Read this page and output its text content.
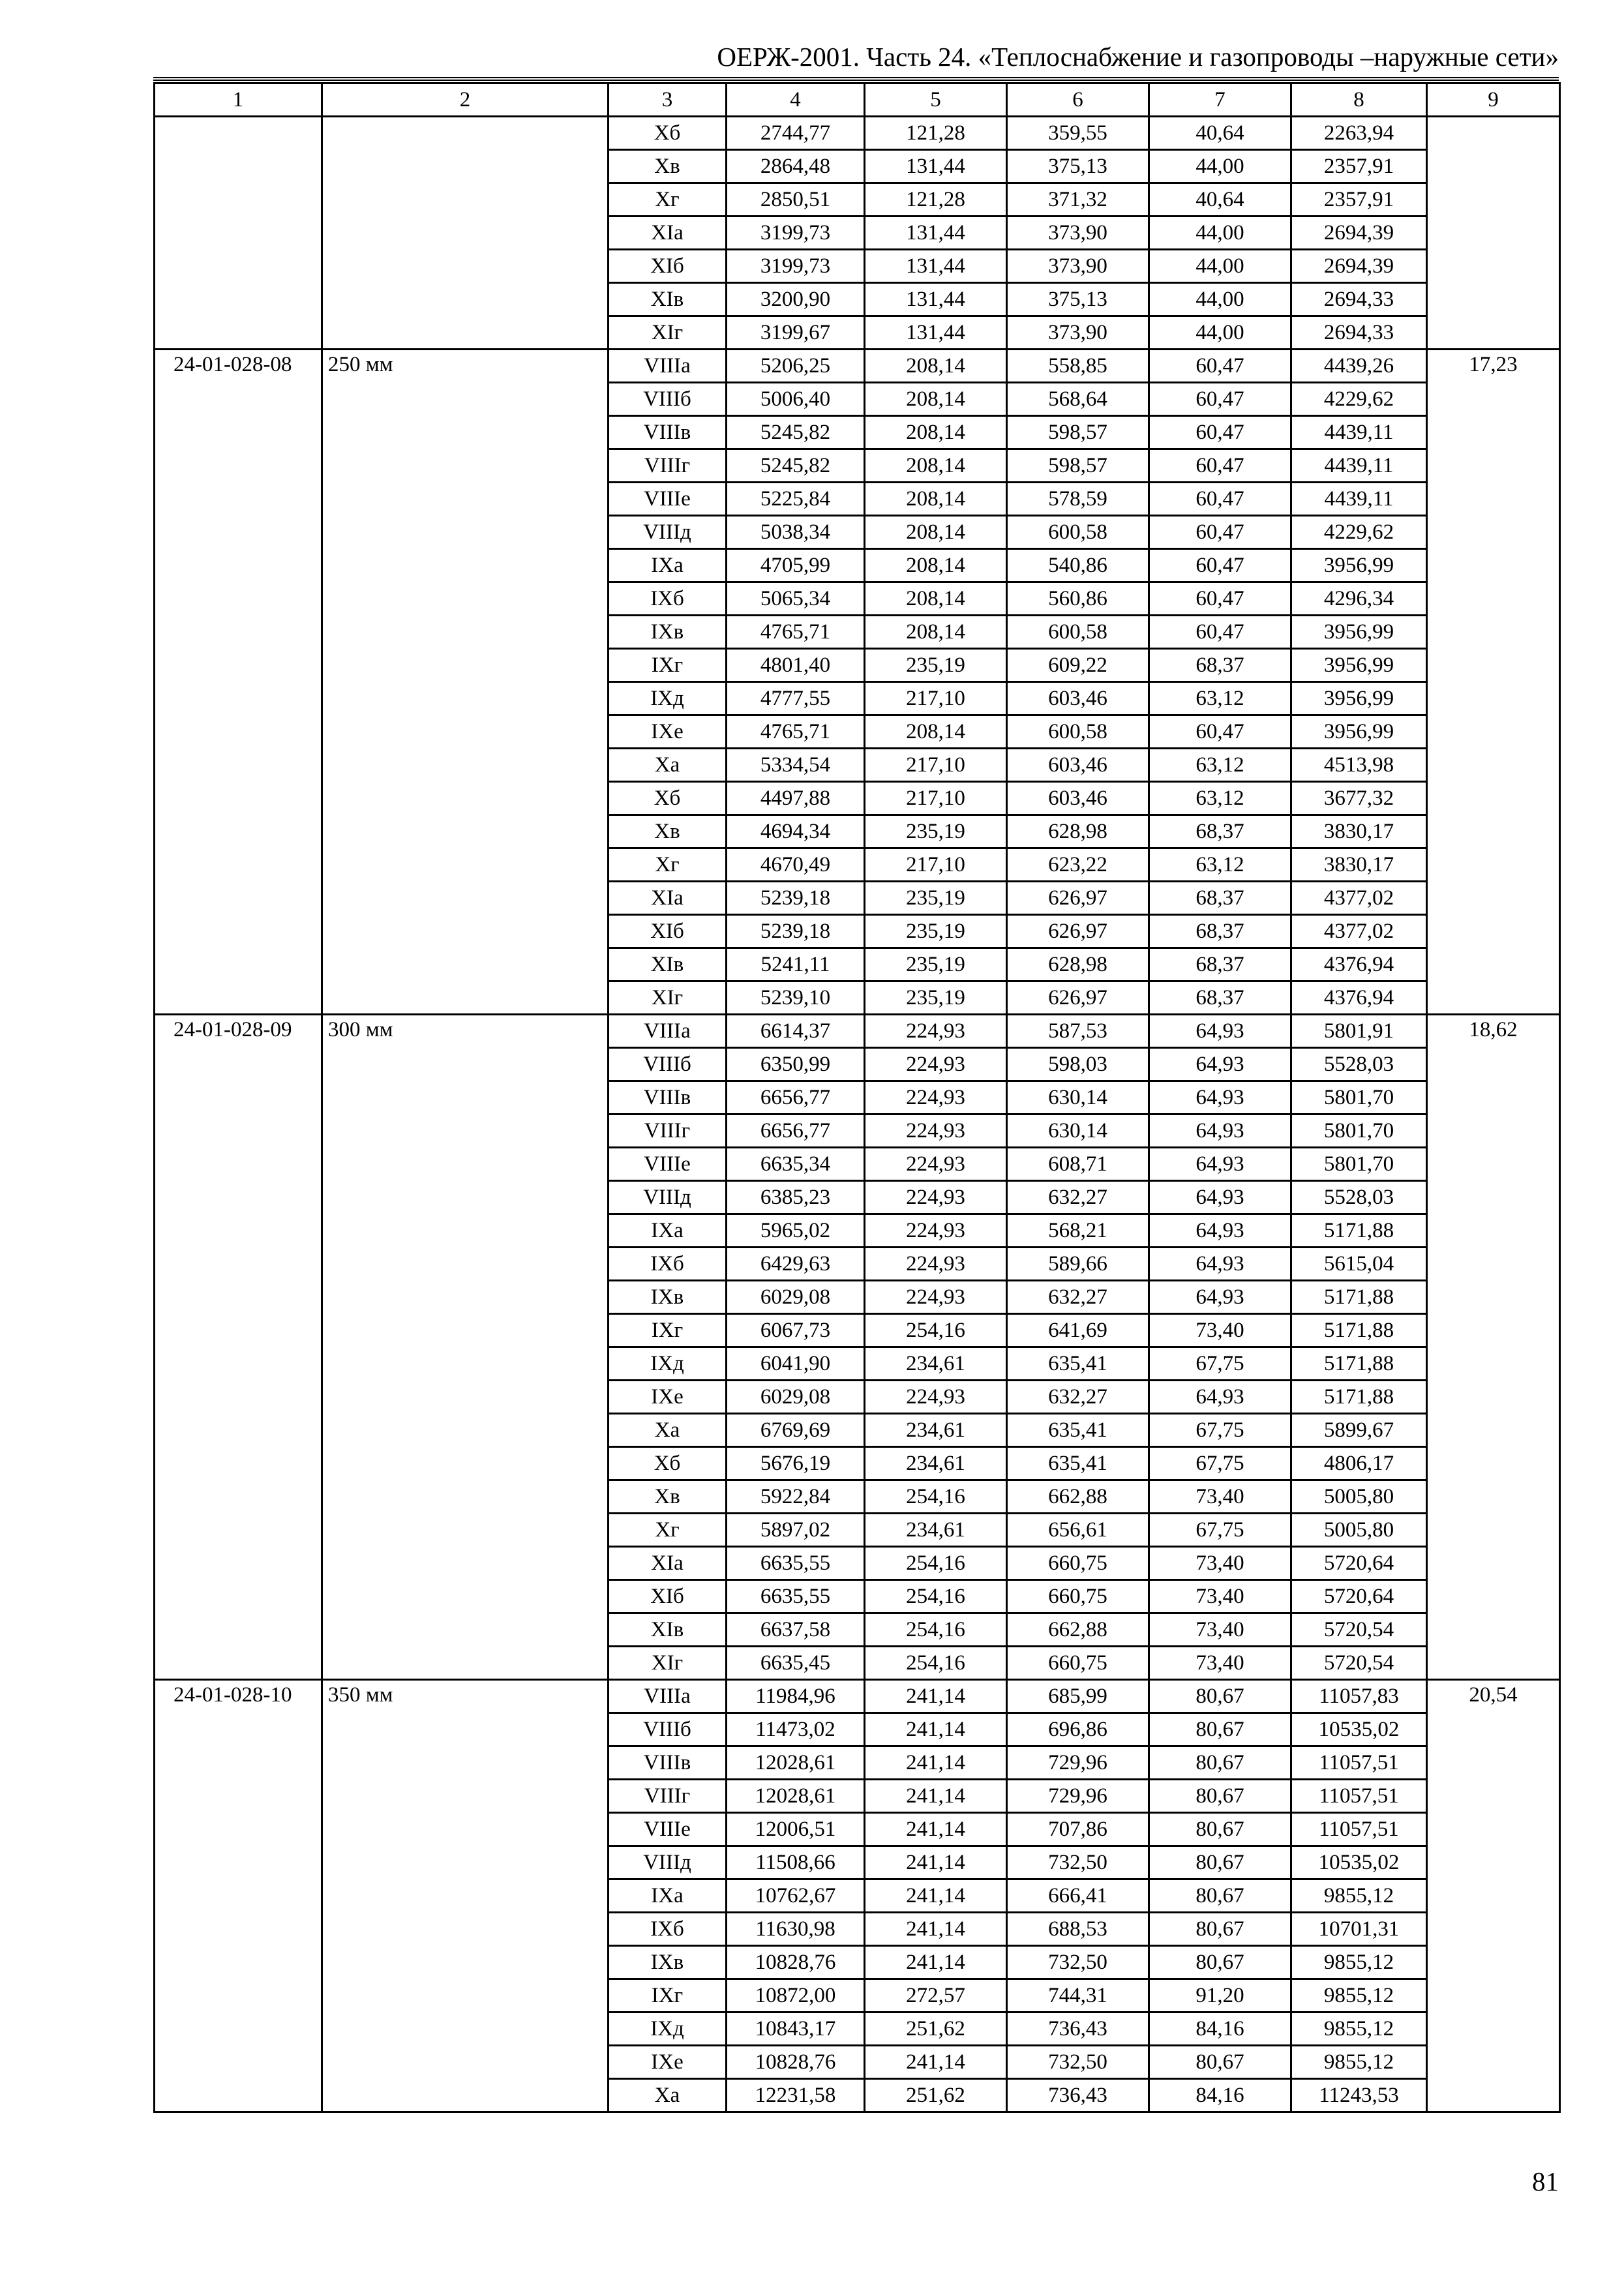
ОЕРЖ-2001. Часть 24. «Теплоснабжение и газопроводы –наружные сети»
1	2	3	4	5	6	7	8	9
		Xб	2744,77	121,28	359,55	40,64	2263,94	
		Xв	2864,48	131,44	375,13	44,00	2357,91	
		Xг	2850,51	121,28	371,32	40,64	2357,91	
		XIа	3199,73	131,44	373,90	44,00	2694,39	
		XIб	3199,73	131,44	373,90	44,00	2694,39	
		XIв	3200,90	131,44	375,13	44,00	2694,33	
		XIг	3199,67	131,44	373,90	44,00	2694,33	
24-01-028-08	250 мм	VIIIа	5206,25	208,14	558,85	60,47	4439,26	17,23
		VIIIб	5006,40	208,14	568,64	60,47	4229,62	
		VIIIв	5245,82	208,14	598,57	60,47	4439,11	
		VIIIг	5245,82	208,14	598,57	60,47	4439,11	
		VIIIе	5225,84	208,14	578,59	60,47	4439,11	
		VIIIд	5038,34	208,14	600,58	60,47	4229,62	
		IXа	4705,99	208,14	540,86	60,47	3956,99	
		IXб	5065,34	208,14	560,86	60,47	4296,34	
		IXв	4765,71	208,14	600,58	60,47	3956,99	
		IXг	4801,40	235,19	609,22	68,37	3956,99	
		IXд	4777,55	217,10	603,46	63,12	3956,99	
		IXе	4765,71	208,14	600,58	60,47	3956,99	
		Xа	5334,54	217,10	603,46	63,12	4513,98	
		Xб	4497,88	217,10	603,46	63,12	3677,32	
		Xв	4694,34	235,19	628,98	68,37	3830,17	
		Xг	4670,49	217,10	623,22	63,12	3830,17	
		XIа	5239,18	235,19	626,97	68,37	4377,02	
		XIб	5239,18	235,19	626,97	68,37	4377,02	
		XIв	5241,11	235,19	628,98	68,37	4376,94	
		XIг	5239,10	235,19	626,97	68,37	4376,94	
24-01-028-09	300 мм	VIIIа	6614,37	224,93	587,53	64,93	5801,91	18,62
		VIIIб	6350,99	224,93	598,03	64,93	5528,03	
		VIIIв	6656,77	224,93	630,14	64,93	5801,70	
		VIIIг	6656,77	224,93	630,14	64,93	5801,70	
		VIIIе	6635,34	224,93	608,71	64,93	5801,70	
		VIIIд	6385,23	224,93	632,27	64,93	5528,03	
		IXа	5965,02	224,93	568,21	64,93	5171,88	
		IXб	6429,63	224,93	589,66	64,93	5615,04	
		IXв	6029,08	224,93	632,27	64,93	5171,88	
		IXг	6067,73	254,16	641,69	73,40	5171,88	
		IXд	6041,90	234,61	635,41	67,75	5171,88	
		IXе	6029,08	224,93	632,27	64,93	5171,88	
		Xа	6769,69	234,61	635,41	67,75	5899,67	
		Xб	5676,19	234,61	635,41	67,75	4806,17	
		Xв	5922,84	254,16	662,88	73,40	5005,80	
		Xг	5897,02	234,61	656,61	67,75	5005,80	
		XIа	6635,55	254,16	660,75	73,40	5720,64	
		XIб	6635,55	254,16	660,75	73,40	5720,64	
		XIв	6637,58	254,16	662,88	73,40	5720,54	
		XIг	6635,45	254,16	660,75	73,40	5720,54	
24-01-028-10	350 мм	VIIIа	11984,96	241,14	685,99	80,67	11057,83	20,54
		VIIIб	11473,02	241,14	696,86	80,67	10535,02	
		VIIIв	12028,61	241,14	729,96	80,67	11057,51	
		VIIIг	12028,61	241,14	729,96	80,67	11057,51	
		VIIIе	12006,51	241,14	707,86	80,67	11057,51	
		VIIIд	11508,66	241,14	732,50	80,67	10535,02	
		IXа	10762,67	241,14	666,41	80,67	9855,12	
		IXб	11630,98	241,14	688,53	80,67	10701,31	
		IXв	10828,76	241,14	732,50	80,67	9855,12	
		IXг	10872,00	272,57	744,31	91,20	9855,12	
		IXд	10843,17	251,62	736,43	84,16	9855,12	
		IXе	10828,76	241,14	732,50	80,67	9855,12	
		Xа	12231,58	251,62	736,43	84,16	11243,53	
81
